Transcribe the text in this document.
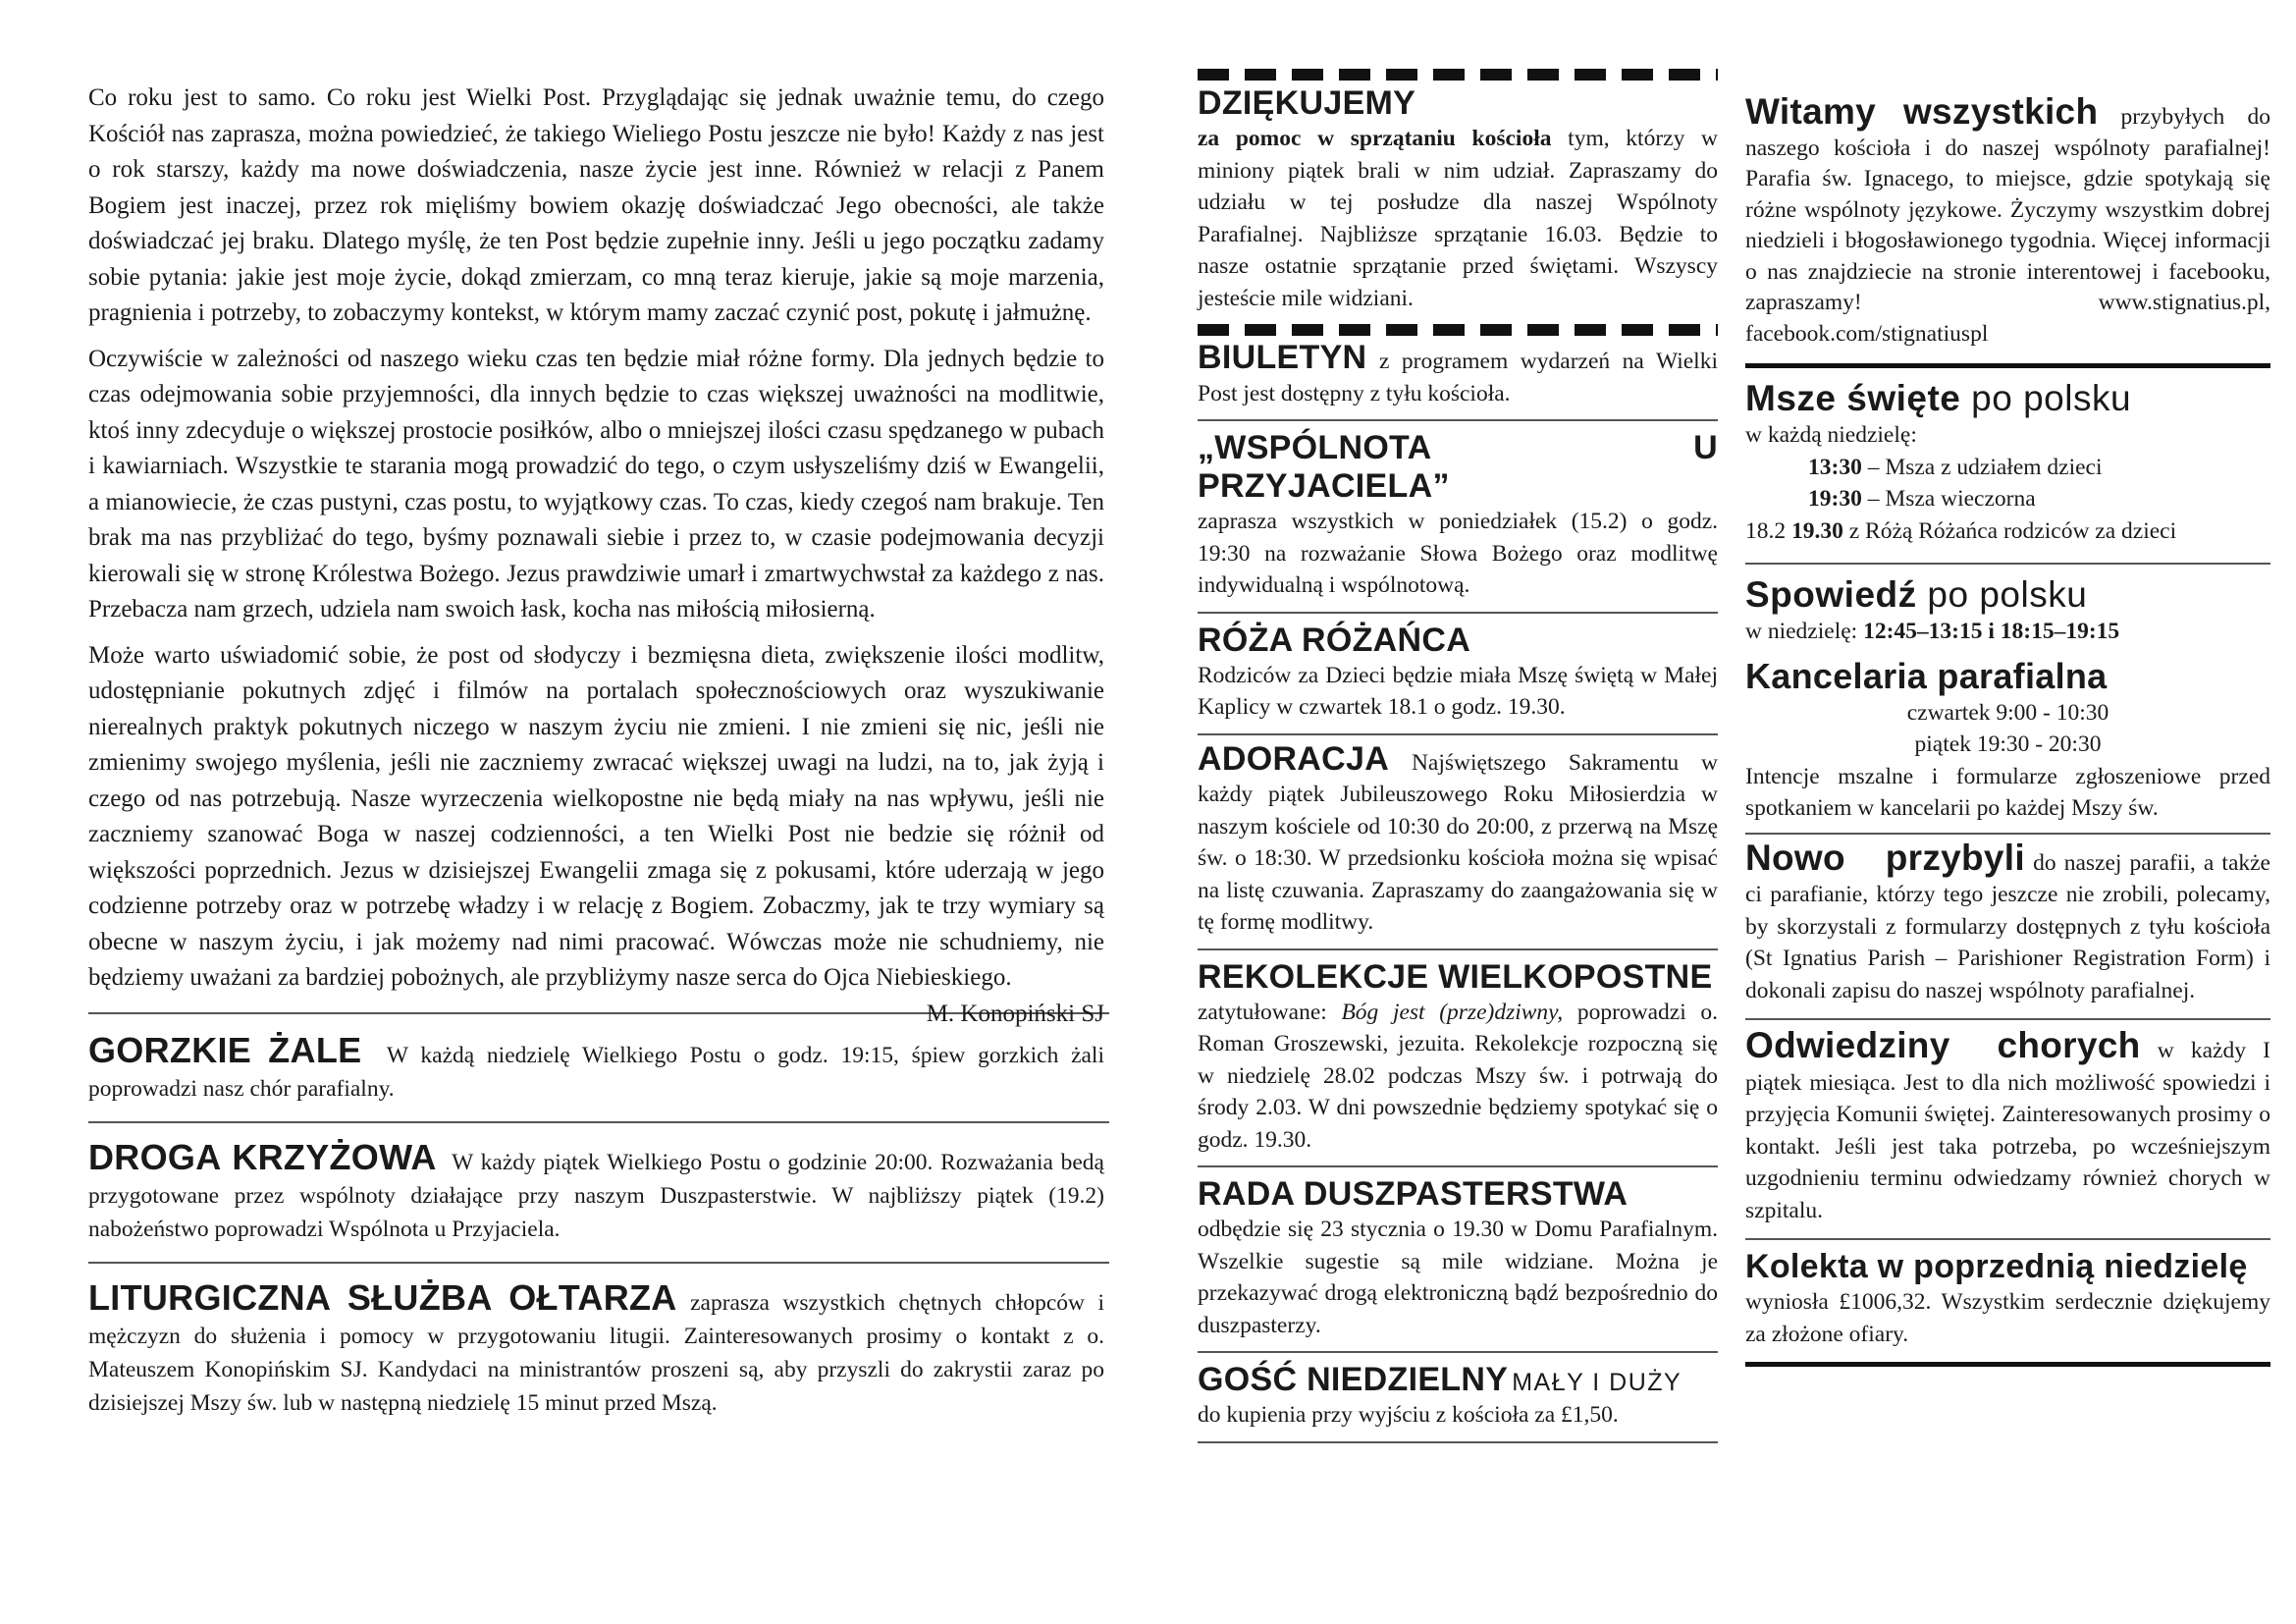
Co roku jest to samo. Co roku jest Wielki Post. Przyglądając się jednak uważnie temu, do czego Kościół nas zaprasza, można powiedzieć, że takiego Wieliego Postu jeszcze nie było! Każdy z nas jest o rok starszy, każdy ma nowe doświadczenia, nasze życie jest inne. Również w relacji z Panem Bogiem jest inaczej, przez rok mięliśmy bowiem okazję doświadczać Jego obecności, ale także doświadczać jej braku. Dlatego myślę, że ten Post będzie zupełnie inny. Jeśli u jego początku zadamy sobie pytania: jakie jest moje życie, dokąd zmierzam, co mną teraz kieruje, jakie są moje marzenia, pragnienia i potrzeby, to zobaczymy kontekst, w którym mamy zaczać czynić post, pokutę i jałmużnę.

Oczywiście w zależności od naszego wieku czas ten będzie miał różne formy. Dla jednych będzie to czas odejmowania sobie przyjemności, dla innych będzie to czas większej uważności na modlitwie, ktoś inny zdecyduje o większej prostocie posiłków, albo o mniejszej ilości czasu spędzanego w pubach i kawiarniach. Wszystkie te starania mogą prowadzić do tego, o czym usłyszeliśmy dziś w Ewangelii, a mianowiecie, że czas pustyni, czas postu, to wyjątkowy czas. To czas, kiedy czegoś nam brakuje. Ten brak ma nas przybliżać do tego, byśmy poznawali siebie i przez to, w czasie podejmowania decyzji kierowali się w stronę Królestwa Bożego. Jezus prawdziwie umarł i zmartwychwstał za każdego z nas. Przebacza nam grzech, udziela nam swoich łask, kocha nas miłością miłosierną.

Może warto uświadomić sobie, że post od słodyczy i bezmięsna dieta, zwiększenie ilości modlitw, udostępnianie pokutnych zdjęć i filmów na portalach społecznościowych oraz wyszukiwanie nierealnych praktyk pokutnych niczego w naszym życiu nie zmieni. I nie zmieni się nic, jeśli nie zmienimy swojego myślenia, jeśli nie zaczniemy zwracać większej uwagi na ludzi, na to, jak żyją i czego od nas potrzebują. Nasze wyrzeczenia wielkopostne nie będą miały na nas wpływu, jeśli nie zaczniemy szanować Boga w naszej codzienności, a ten Wielki Post nie bedzie się różnił od większości poprzednich. Jezus w dzisiejszej Ewangelii zmaga się z pokusami, które uderzają w jego codzienne potrzeby oraz w potrzebę władzy i w relację z Bogiem. Zobaczmy, jak te trzy wymiary są obecne w naszym życiu, i jak możemy nad nimi pracować. Wówczas może nie schudniemy, nie będziemy uważani za bardziej pobożnych, ale przybliżymy nasze serca do Ojca Niebieskiego.
M. Konopiński SJ

GORZKIE ŻALE W każdą niedzielę Wielkiego Postu o godz. 19:15, śpiew gorzkich żali poprowadzi nasz chór parafialny.

DROGA KRZYŻOWA W każdy piątek Wielkiego Postu o godzinie 20:00. Rozważania bedą przygotowane przez wspólnoty działające przy naszym Duszpasterstwie. W najbliższy piątek (19.2) nabożeństwo poprowadzi Wspólnota u Przyjaciela.

LITURGICZNA SŁUŻBA OŁTARZA zaprasza wszystkich chętnych chłopców i mężczyzn do służenia i pomocy w przygotowaniu litugii. Zainteresowanych prosimy o kontakt z o. Mateuszem Konopińskim SJ. Kandydaci na ministrantów proszeni są, aby przyszli do zakrystii zaraz po dzisiejszej Mszy św. lub w następną niedzielę 15 minut przed Mszą.

DZIĘKUJEMY

za pomoc w sprzątaniu kościoła tym, którzy w miniony piątek brali w nim udział. Zapraszamy do udziału w tej posłudze dla naszej Wspólnoty Parafialnej. Najbliższe sprzątanie 16.03. Będzie to nasze ostatnie sprzątanie przed świętami. Wszyscy jesteście mile widziani.

BIULETYN z programem wydarzeń na Wielki Post jest dostępny z tyłu kościoła.

„WSPÓLNOTA U PRZYJACIELA”

zaprasza wszystkich w poniedziałek (15.2) o godz. 19:30 na rozważanie Słowa Bożego oraz modlitwę indywidualną i wspólnotową.

RÓŻA RÓŻAŃCA

Rodziców za Dzieci będzie miała Mszę świętą w Małej Kaplicy w czwartek 18.1 o godz. 19.30.

ADORACJA Najświętszego Sakramentu w każdy piątek Jubileuszowego Roku Miłosierdzia w naszym kościele od 10:30 do 20:00, z przerwą na Mszę św. o 18:30. W przedsionku kościoła można się wpisać na listę czuwania. Zapraszamy do zaangażowania się w tę formę modlitwy.

REKOLEKCJE WIELKOPOSTNE

zatytułowane: Bóg jest (prze)dziwny, poprowadzi o. Roman Groszewski, jezuita. Rekolekcje rozpoczną się w niedzielę 28.02 podczas Mszy św. i potrwają do środy 2.03. W dni powszednie będziemy spotykać się o godz. 19.30.

RADA DUSZPASTERSTWA

odbędzie się 23 stycznia o 19.30 w Domu Parafialnym. Wszelkie sugestie są mile widziane. Można je przekazywać drogą elektroniczną bądź bezpośrednio do duszpasterzy.

GOŚĆ NIEDZIELNY MAŁY I DUŻY

do kupienia przy wyjściu z kościoła za £1,50.

Witamy wszystkich przybyłych do naszego kościoła i do naszej wspólnoty parafialnej! Parafia św. Ignacego, to miejsce, gdzie spotykają się różne wspólnoty językowe. Życzymy wszystkim dobrej niedzieli i błogosławionego tygodnia. Więcej informacji o nas znajdziecie na stronie interentowej i facebooku, zapraszamy! www.stignatius.pl, facebook.com/stignatiuspl

Msze święte po polsku
w każdą niedzielę:
13:30 – Msza z udziałem dzieci
19:30 – Msza wieczorna
18.2 19.30 z Różą Różańca rodziców za dzieci
Spowiedź po polsku
w niedzielę: 12:45–13:15 i 18:15–19:15
Kancelaria parafialna
czwartek 9:00 - 10:30
piątek 19:30 - 20:30

Intencje mszalne i formularze zgłoszeniowe przed spotkaniem w kancelarii po każdej Mszy św.

Nowo przybyli do naszej parafii, a także ci parafianie, którzy tego jeszcze nie zrobili, polecamy, by skorzystali z formularzy dostępnych z tyłu kościoła (St Ignatius Parish – Parishioner Registration Form) i dokonali zapisu do naszej wspólnoty parafialnej.

Odwiedziny chorych w każdy I piątek miesiąca. Jest to dla nich możliwość spowiedzi i przyjęcia Komunii świętej. Zainteresowanych prosimy o kontakt. Jeśli jest taka potrzeba, po wcześniejszym uzgodnieniu terminu odwiedzamy również chorych w szpitalu.

Kolekta w poprzednią niedzielę

wyniosła £1006,32. Wszystkim serdecznie dziękujemy za złożone ofiary.
